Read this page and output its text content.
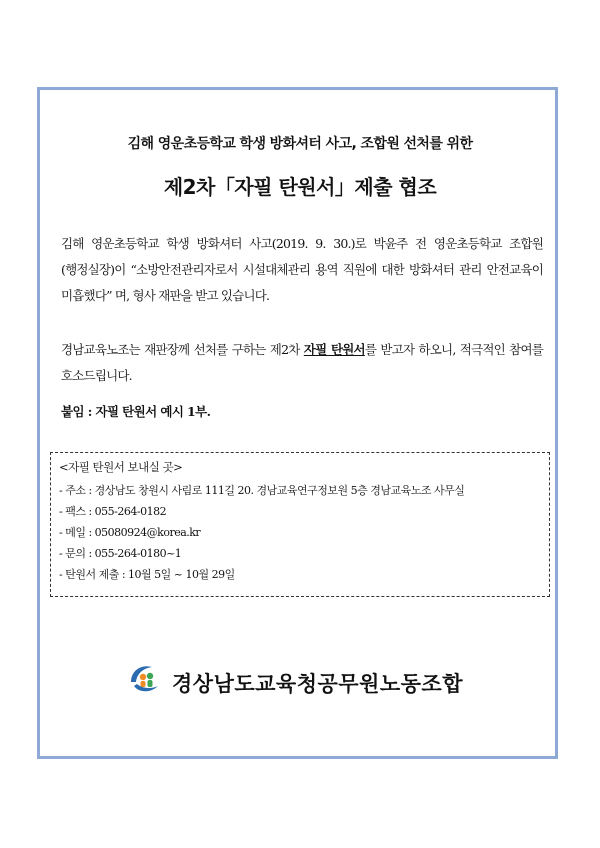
김해 영운초등학교 학생 방화셔터 사고, 조합원 선처를 위한
제2차「자필 탄원서」제출 협조
김해 영운초등학교 학생 방화셔터 사고(2019. 9. 30.)로 박윤주 전 영운초등학교 조합원(행정실장)이 “소방안전관리자로서 시설대체관리 용역 직원에 대한 방화셔터 관리 안전교육이 미흡했다” 며, 형사 재판을 받고 있습니다.
경남교육노조는 재판장께 선처를 구하는 제2차 자필 탄원서를 받고자 하오니, 적극적인 참여를 호소드립니다.
붙임 : 자필 탄원서 예시 1부.
<자필 탄원서 보내실 곳>
- 주소 : 경상남도 창원시 사림로 111길 20. 경남교육연구정보원 5층 경남교육노조 사무실
- 팩스 : 055-264-0182
- 메일 : 05080924@korea.kr
- 문의 : 055-264-0180~1
- 탄원서 제출 : 10월 5일 ~ 10월 29일
경상남도교육청공무원노동조합
